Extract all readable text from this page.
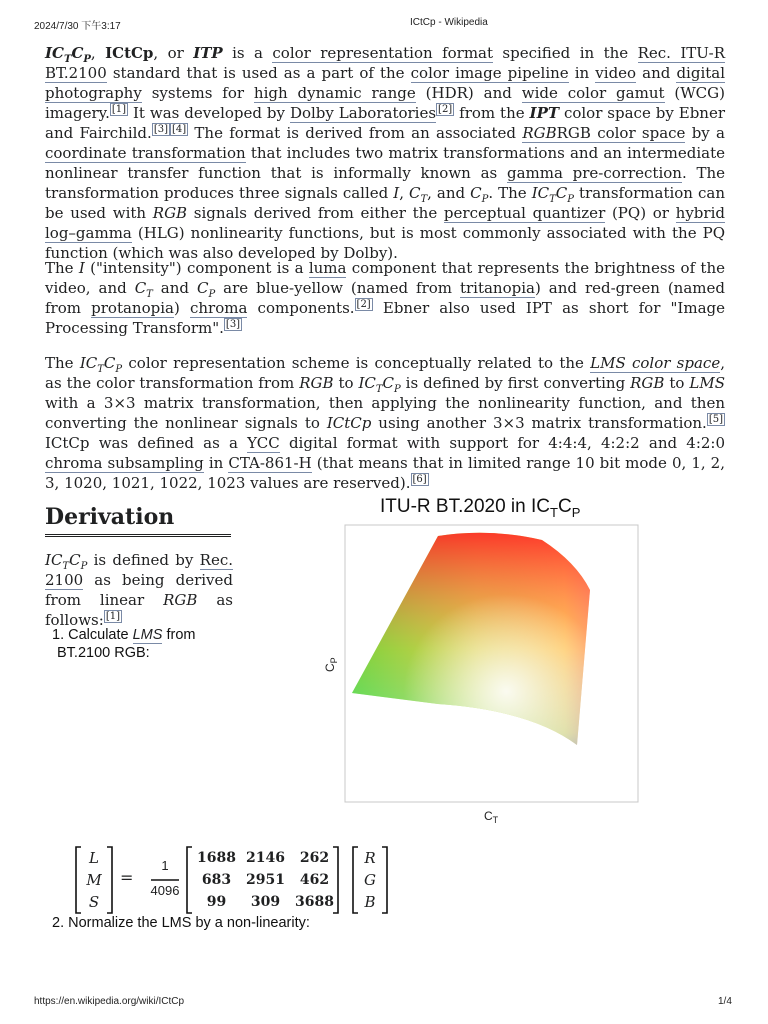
2024/7/30 下午3:17	ICtCp - Wikipedia

$IC_TC_P$, ICtCp, or ITP is a color representation format specified in the Rec. ITU-R BT.2100 standard that is used as a part of the color image pipeline in video and digital photography systems for high dynamic range (HDR) and wide color gamut (WCG) imagery. [1] It was developed by Dolby Laboratories [2] from the IPT color space by Ebner and Fairchild. [3] [4] The format is derived from an associated RGBRGB color space by a coordinate transformation that includes two matrix transformations and an intermediate nonlinear transfer function that is informally known as gamma pre-correction. The transformation produces three signals called I, $C_T$, and $C_P$. The $IC_TC_P$ transformation can be used with RGB signals derived from either the perceptual quantizer (PQ) or hybrid log–gamma (HLG) nonlinearity functions, but is most commonly associated with the PQ function (which was also developed by Dolby).

The I ("intensity") component is a luma component that represents the brightness of the video, and $C_T$ and $C_P$ are blue-yellow (named from tritanopia) and red-green (named from protanopia) chroma components. [2] Ebner also used IPT as short for "Image Processing Transform". [3]

The $IC_TC_P$ color representation scheme is conceptually related to the LMS color space, as the color transformation from RGB to $IC_TC_P$ is defined by first converting RGB to LMS with a 3×3 matrix transformation, then applying the nonlinearity function, and then converting the nonlinear signals to ICtCp using another 3×3 matrix transformation. [5] ICtCp was defined as a YCC digital format with support for 4:4:4, 4:2:2 and 4:2:0 chroma subsampling in CTA-861-H (that means that in limited range 10 bit mode 0, 1, 2, 3, 1020, 1021, 1022, 1023 values are reserved). [6]

Derivation

$IC_TC_P$ is defined by Rec. 2100 as being derived from linear RGB as follows: [1]

1. Calculate LMS from
BT.2100 RGB:
ITU-R BT.2020 in $IC_TC_P$
$C_P$
$C_T$
L
M
S
=
1
4096
1688	2146	262
683	2951	462
99	309	3688
R
G
B
2. Normalize the LMS by a non-linearity:
https://en.wikipedia.org/wiki/ICtCp	1/4
